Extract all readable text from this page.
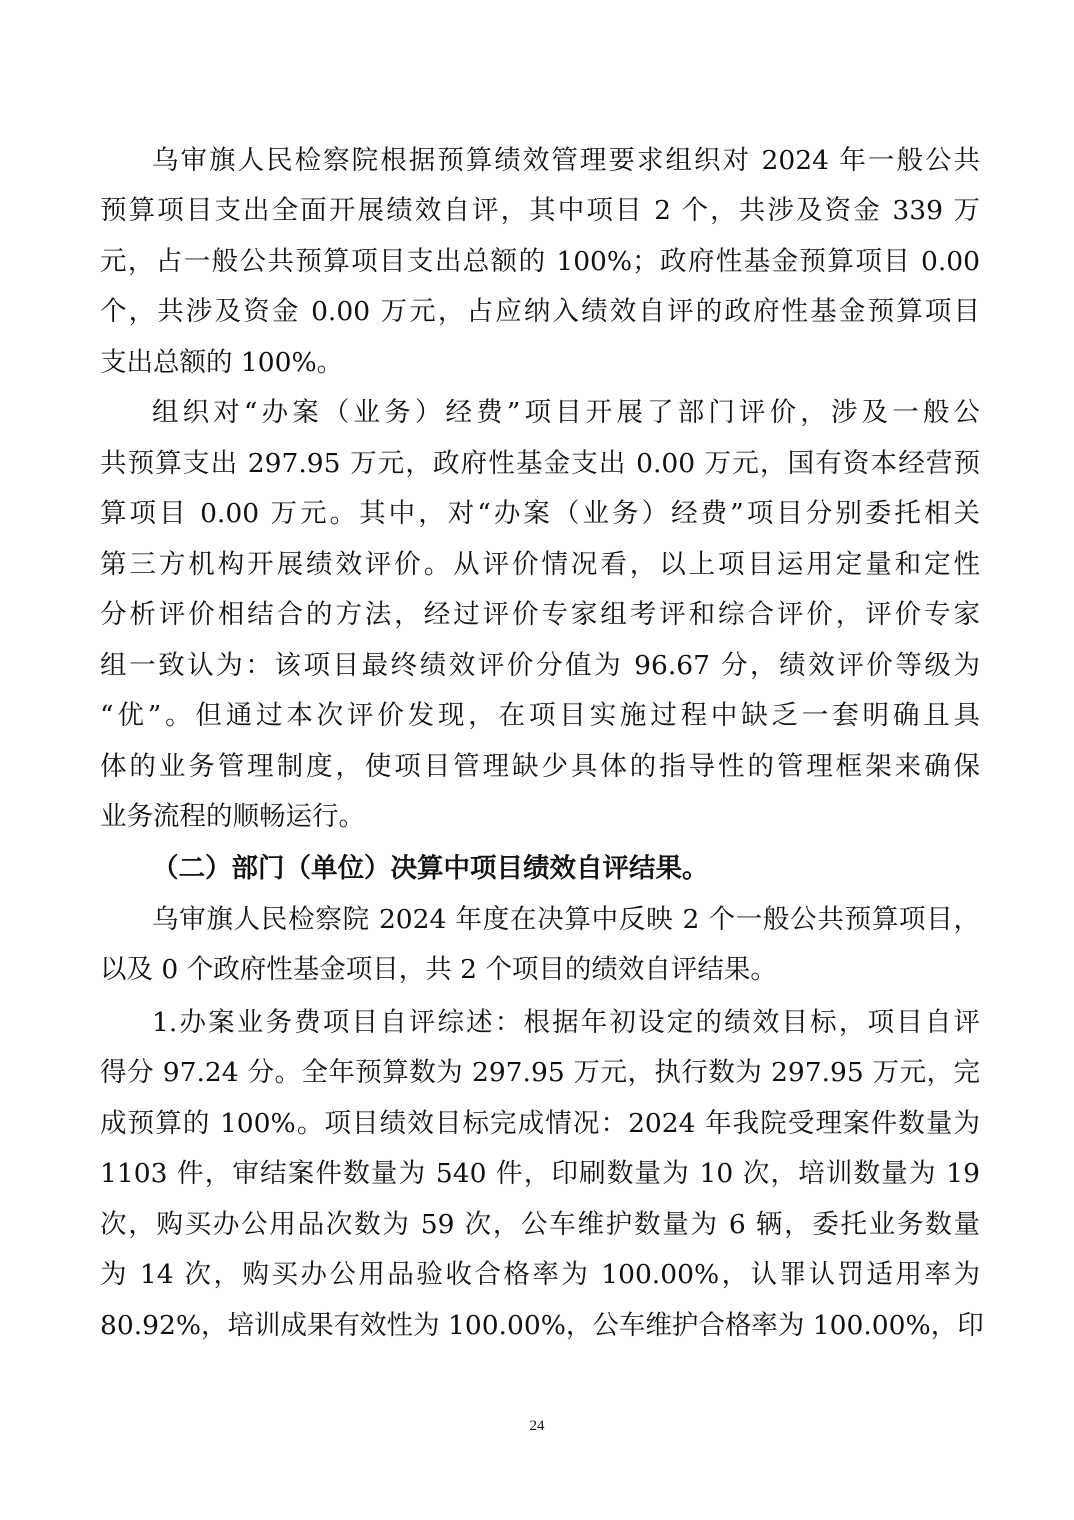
乌审旗人民检察院根据预算绩效管理要求组织对 2024 年一般公共
预算项目支出全面开展绩效自评，其中项目 2 个，共涉及资金 339 万
元，占一般公共预算项目支出总额的 100%；政府性基金预算项目 0.00
个，共涉及资金 0.00 万元，占应纳入绩效自评的政府性基金预算项目
支出总额的 100%。
组织对“办案（业务）经费”项目开展了部门评价，涉及一般公
共预算支出 297.95 万元，政府性基金支出 0.00 万元，国有资本经营预
算项目 0.00 万元。其中，对“办案（业务）经费”项目分别委托相关
第三方机构开展绩效评价。从评价情况看，以上项目运用定量和定性
分析评价相结合的方法，经过评价专家组考评和综合评价，评价专家
组一致认为：该项目最终绩效评价分值为 96.67 分，绩效评价等级为
“优”。但通过本次评价发现，在项目实施过程中缺乏一套明确且具
体的业务管理制度，使项目管理缺少具体的指导性的管理框架来确保
业务流程的顺畅运行。
（二）部门（单位）决算中项目绩效自评结果。
乌审旗人民检察院 2024 年度在决算中反映 2 个一般公共预算项目，
以及 0 个政府性基金项目，共 2 个项目的绩效自评结果。
1.办案业务费项目自评综述：根据年初设定的绩效目标，项目自评
得分 97.24 分。全年预算数为 297.95 万元，执行数为 297.95 万元，完
成预算的 100%。项目绩效目标完成情况：2024 年我院受理案件数量为
1103 件，审结案件数量为 540 件，印刷数量为 10 次，培训数量为 19
次，购买办公用品次数为 59 次，公车维护数量为 6 辆，委托业务数量
为 14 次，购买办公用品验收合格率为 100.00%，认罪认罚适用率为
80.92%，培训成果有效性为 100.00%，公车维护合格率为 100.00%，印
24
